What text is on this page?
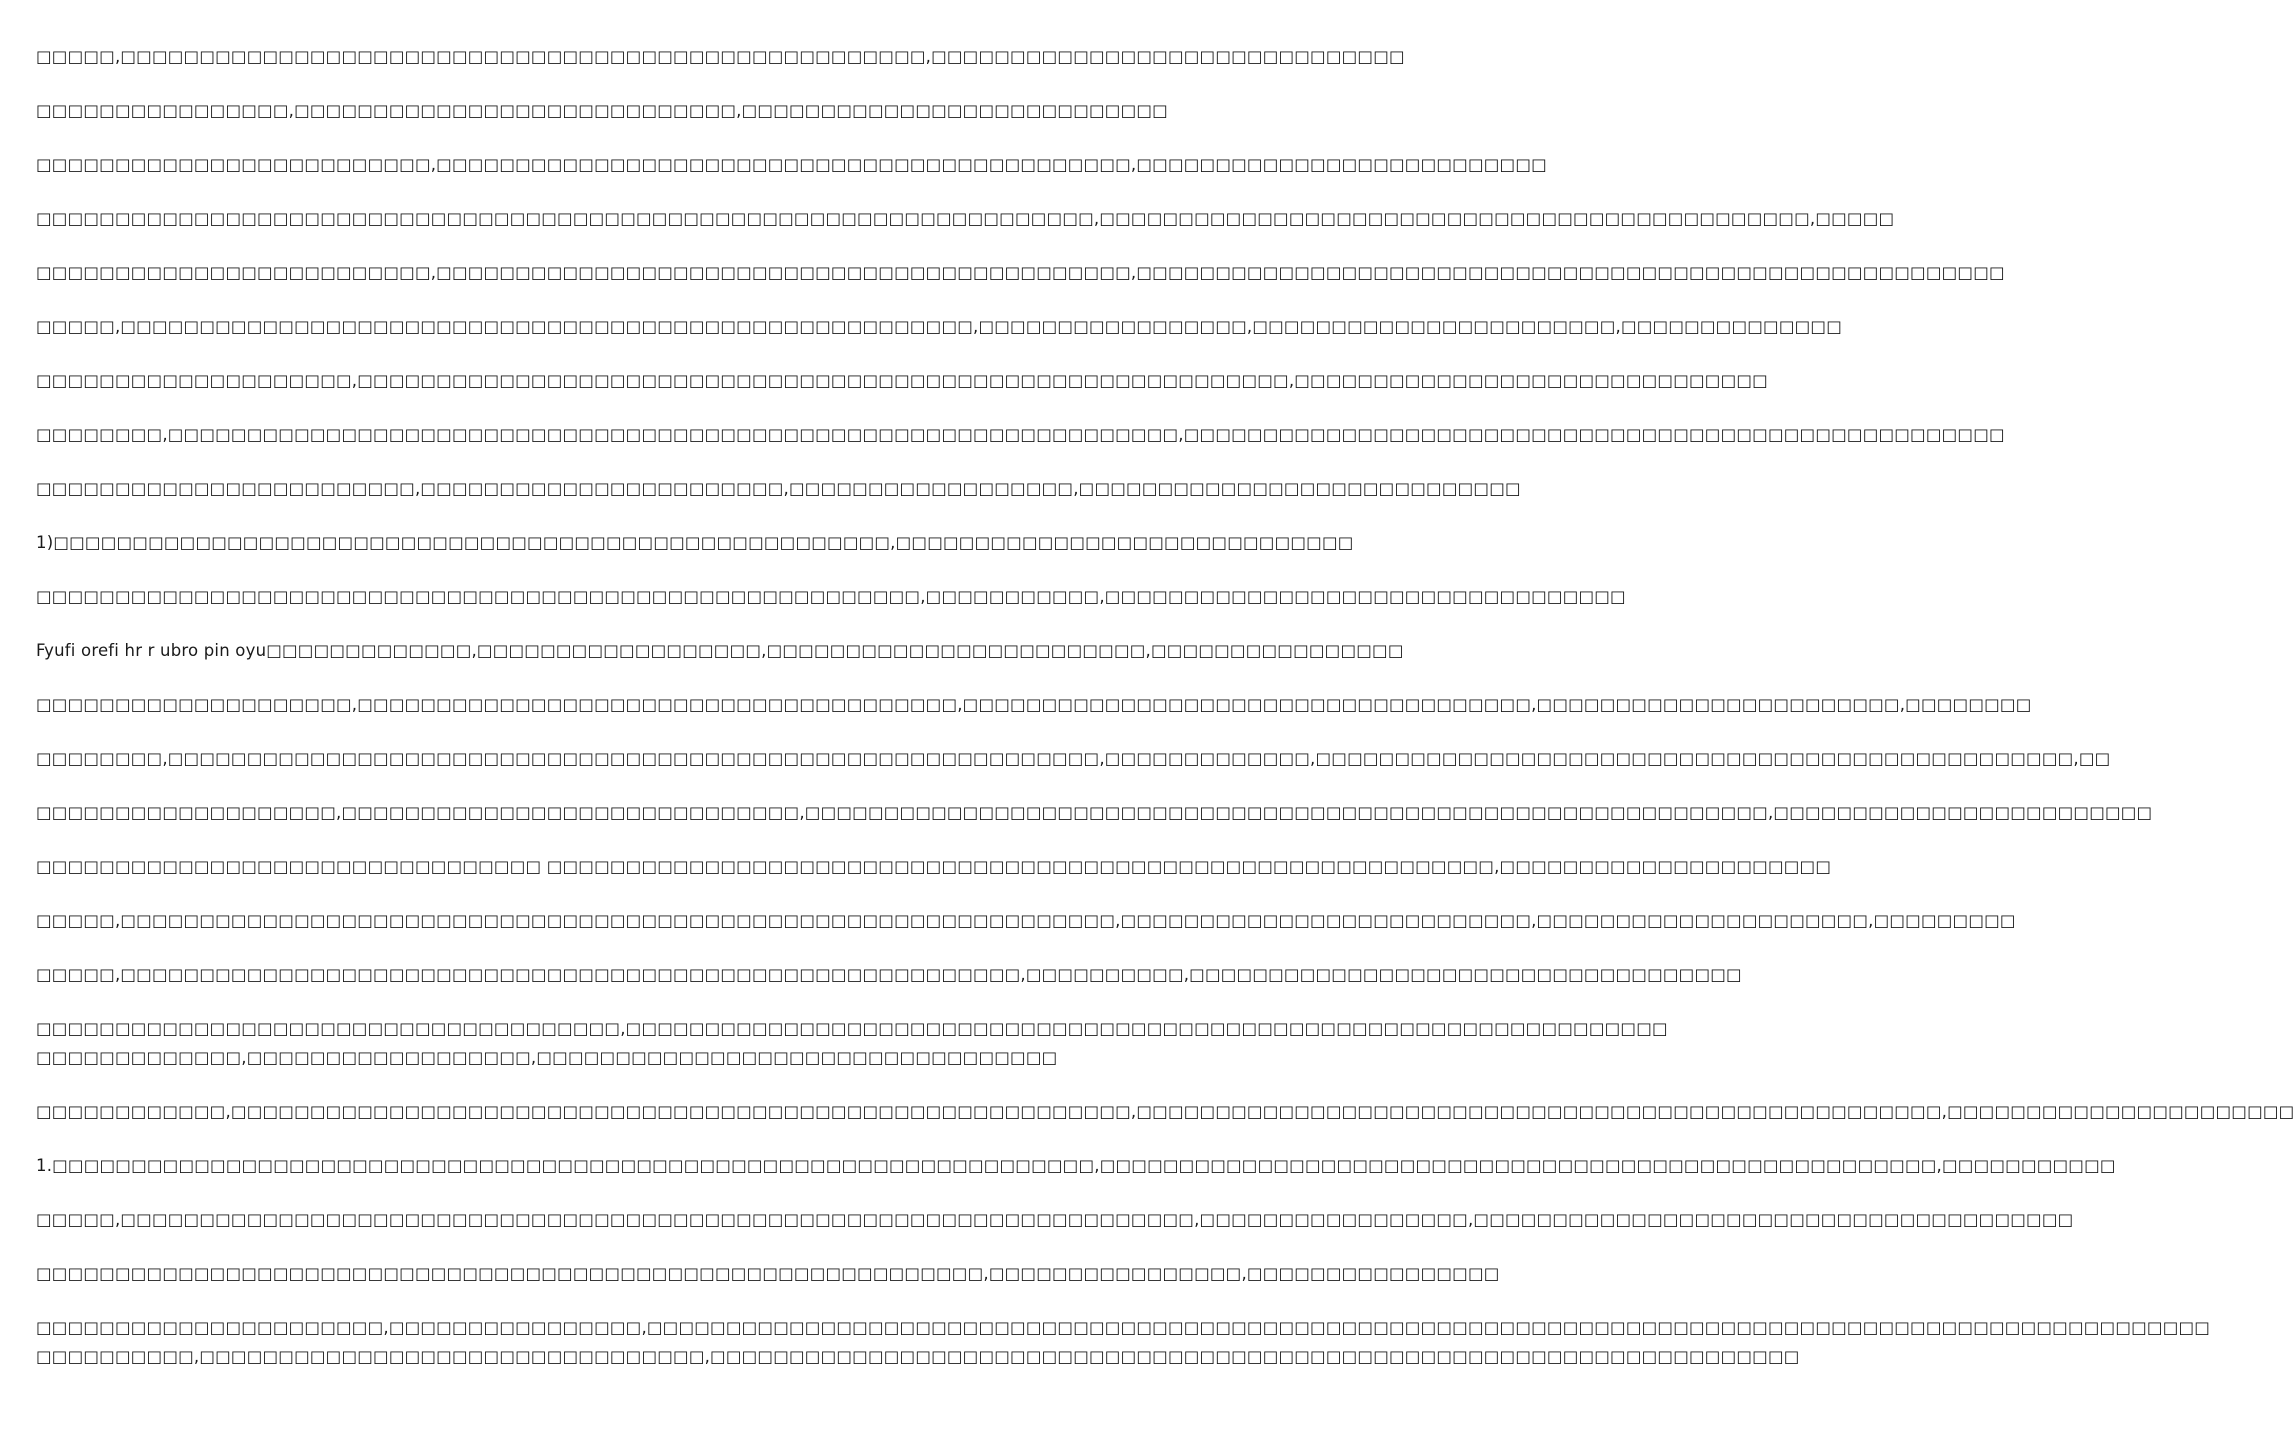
□□□□□,□□□□□□□□□□□□□□□□□□□□□□□□□□□□□□□□□□□□□□□□□□□□□□□□□□□,□□□□□□□□□□□□□□□□□□□□□□□□□□□□□□

□□□□□□□□□□□□□□□□,□□□□□□□□□□□□□□□□□□□□□□□□□□□□,□□□□□□□□□□□□□□□□□□□□□□□□□□□

□□□□□□□□□□□□□□□□□□□□□□□□□,□□□□□□□□□□□□□□□□□□□□□□□□□□□□□□□□□□□□□□□□□□□□,□□□□□□□□□□□□□□□□□□□□□□□□□□

□□□□□□□□□□□□□□□□□□□□□□□□□□□□□□□□□□□□□□□□□□□□□□□□□□□□□□□□□□□□□□□□□□□,□□□□□□□□□□□□□□□□□□□□□□□□□□□□□□□□□□□□□□□□□□□□□,□□□□□

□□□□□□□□□□□□□□□□□□□□□□□□□,□□□□□□□□□□□□□□□□□□□□□□□□□□□□□□□□□□□□□□□□□□□□,□□□□□□□□□□□□□□□□□□□□□□□□□□□□□□□□□□□□□□□□□□□□□□□□□□□□□□□

□□□□□,□□□□□□□□□□□□□□□□□□□□□□□□□□□□□□□□□□□□□□□□□□□□□□□□□□□□□□,□□□□□□□□□□□□□□□□□,□□□□□□□□□□□□□□□□□□□□□□□,□□□□□□□□□□□□□□

□□□□□□□□□□□□□□□□□□□□,□□□□□□□□□□□□□□□□□□□□□□□□□□□□□□□□□□□□□□□□□□□□□□□□□□□□□□□□□□□,□□□□□□□□□□□□□□□□□□□□□□□□□□□□□□

□□□□□□□□,□□□□□□□□□□□□□□□□□□□□□□□□□□□□□□□□□□□□□□□□□□□□□□□□□□□□□□□□□□□□□□□□,□□□□□□□□□□□□□□□□□□□□□□□□□□□□□□□□□□□□□□□□□□□□□□□□□□□□

□□□□□□□□□□□□□□□□□□□□□□□□,□□□□□□□□□□□□□□□□□□□□□□□,□□□□□□□□□□□□□□□□□□,□□□□□□□□□□□□□□□□□□□□□□□□□□□□

1)□□□□□□□□□□□□□□□□□□□□□□□□□□□□□□□□□□□□□□□□□□□□□□□□□□□□□,□□□□□□□□□□□□□□□□□□□□□□□□□□□□□

□□□□□□□□□□□□□□□□□□□□□□□□□□□□□□□□□□□□□□□□□□□□□□□□□□□□□□□□,□□□□□□□□□□□,□□□□□□□□□□□□□□□□□□□□□□□□□□□□□□□□□

Fyufi orefi hr r ubro pin oyu□□□□□□□□□□□□□,□□□□□□□□□□□□□□□□□□,□□□□□□□□□□□□□□□□□□□□□□□□,□□□□□□□□□□□□□□□□

□□□□□□□□□□□□□□□□□□□□,□□□□□□□□□□□□□□□□□□□□□□□□□□□□□□□□□□□□□□,□□□□□□□□□□□□□□□□□□□□□□□□□□□□□□□□□□□□,□□□□□□□□□□□□□□□□□□□□□□□,□□□□□□□□

□□□□□□□□,□□□□□□□□□□□□□□□□□□□□□□□□□□□□□□□□□□□□□□□□□□□□□□□□□□□□□□□□□□□,□□□□□□□□□□□□□,□□□□□□□□□□□□□□□□□□□□□□□□□□□□□□□□□□□□□□□□□□□□□□□□,□□

□□□□□□□□□□□□□□□□□□□,□□□□□□□□□□□□□□□□□□□□□□□□□□□□□,□□□□□□□□□□□□□□□□□□□□□□□□□□□□□□□□□□□□□□□□□□□□□□□□□□□□□□□□□□□□□,□□□□□□□□□□□□□□□□□□□□□□□□

□□□□□□□□□□□□□□□□□□□□□□□□□□□□□□□□ □□□□□□□□□□□□□□□□□□□□□□□□□□□□□□□□□□□□□□□□□□□□□□□□□□□□□□□□□□□□,□□□□□□□□□□□□□□□□□□□□□

□□□□□,□□□□□□□□□□□□□□□□□□□□□□□□□□□□□□□□□□□□□□□□□□□□□□□□□□□□□□□□□□□□□□□,□□□□□□□□□□□□□□□□□□□□□□□□□□,□□□□□□□□□□□□□□□□□□□□□,□□□□□□□□□

□□□□□,□□□□□□□□□□□□□□□□□□□□□□□□□□□□□□□□□□□□□□□□□□□□□□□□□□□□□□□□□,□□□□□□□□□□,□□□□□□□□□□□□□□□□□□□□□□□□□□□□□□□□□□□

□□□□□□□□□□□□□□□□□□□□□□□□□□□□□□□□□□□□□,□□□□□□□□□□□□□□□□□□□□□□□□□□□□□□□□□□□□□□□□□□□□□□□□□□□□□□□□□□□□□□□□□□

□□□□□□□□□□□□□,□□□□□□□□□□□□□□□□□□,□□□□□□□□□□□□□□□□□□□□□□□□□□□□□□□□□

□□□□□□□□□□□□,□□□□□□□□□□□□□□□□□□□□□□□□□□□□□□□□□□□□□□□□□□□□□□□□□□□□□□□□□,□□□□□□□□□□□□□□□□□□□□□□□□□□□□□□□□□□□□□□□□□□□□□□□□□□□,□□□□□□□□□□□□□□□□□□□□□□

1.□□□□□□□□□□□□□□□□□□□□□□□□□□□□□□□□□□□□□□□□□□□□□□□□□□□□□□□□□□□□□□□□□□,□□□□□□□□□□□□□□□□□□□□□□□□□□□□□□□□□□□□□□□□□□□□□□□□□□□□□,□□□□□□□□□□□

□□□□□,□□□□□□□□□□□□□□□□□□□□□□□□□□□□□□□□□□□□□□□□□□□□□□□□□□□□□□□□□□□□□□□□□□□□,□□□□□□□□□□□□□□□□□,□□□□□□□□□□□□□□□□□□□□□□□□□□□□□□□□□□□□□□

□□□□□□□□□□□□□□□□□□□□□□□□□□□□□□□□□□□□□□□□□□□□□□□□□□□□□□□□□□□□,□□□□□□□□□□□□□□□□,□□□□□□□□□□□□□□□□

□□□□□□□□□□□□□□□□□□□□□□,□□□□□□□□□□□□□□□□,□□□□□□□□□□□□□□□□□□□□□□□□□□□□□□□□□□□□□□□□□□□□□□□□□□□□□□□□□□□□□□□□□□□□□□□□□□□□□□□□□□□□□□□□□□□□□□□□□□□

□□□□□□□□□□,□□□□□□□□□□□□□□□□□□□□□□□□□□□□□□□□,□□□□□□□□□□□□□□□□□□□□□□□□□□□□□□□□□□□□□□□□□□□□□□□□□□□□□□□□□□□□□□□□□□□□□
